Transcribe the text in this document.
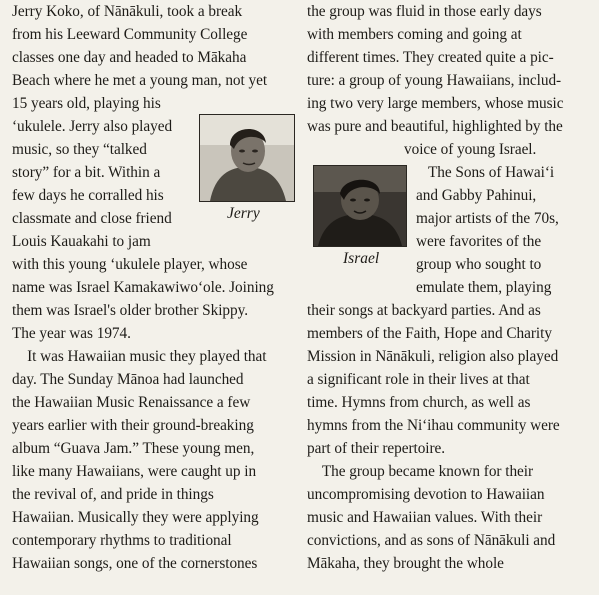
Jerry Koko, of Nānākuli, took a break
from his Leeward Community College
classes one day and headed to Mākaha
Beach where he met a young man, not yet
15 years old, playing his
ʻukulele. Jerry also played
music, so they “talked
story” for a bit. Within a
few days he corralled his
classmate and close friend
Louis Kauakahi to jam
with this young ʻukulele player, whose
name was Israel Kamakawiwoʻole. Joining
them was Israel's older brother Skippy.
The year was 1974.
It was Hawaiian music they played that
day. The Sunday Mānoa had launched
the Hawaiian Music Renaissance a few
years earlier with their ground-breaking
album “Guava Jam.” These young men,
like many Hawaiians, were caught up in
the revival of, and pride in things
Hawaiian. Musically they were applying
contemporary rhythms to traditional
Hawaiian songs, one of the cornerstones
Jerry
the group was fluid in those early days
with members coming and going at
different times. They created quite a pic-
ture: a group of young Hawaiians, includ-
ing two very large members, whose music
was pure and beautiful, highlighted by the
voice of young Israel.
The Sons of Hawaiʻi
and Gabby Pahinui,
major artists of the 70s,
were favorites of the
group who sought to
emulate them, playing
their songs at backyard parties. And as
members of the Faith, Hope and Charity
Mission in Nānākuli, religion also played
a significant role in their lives at that
time. Hymns from church, as well as
hymns from the Niʻihau community were
part of their repertoire.
The group became known for their
uncompromising devotion to Hawaiian
music and Hawaiian values. With their
convictions, and as sons of Nānākuli and
Mākaha, they brought the whole
Israel
